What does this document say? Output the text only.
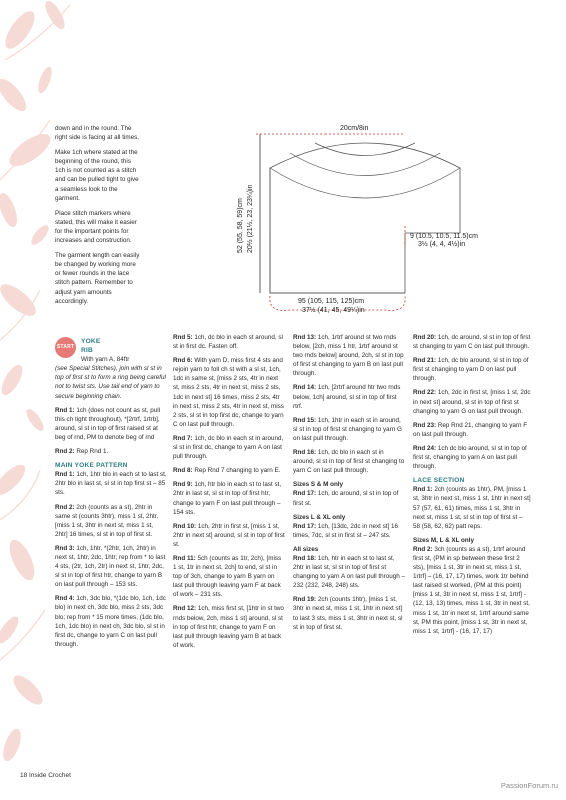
20cm/8in
52 (55, 58, 59)cm 20½ (21½, 23, 23¼)in	9 (10.5, 10.5, 11.5)cm
3½ (4, 4, 4½)in
95 (105, 115, 125)cm
37½ (41, 45, 49¼)in

down and in the round. The right side is facing at all times.

Make 1ch where stated at the beginning of the round, this 1ch is not counted as a stitch and can be pulled tight to give a seamless look to the garment.

Place stitch markers where stated, this will make it easier for the important points for increases and construction.

The garment length can easily be changed by working more or fewer rounds in the lace stitch pattern. Remember to adjust yarn amounts accordingly.

START
YOKE
RIB
With yarn A, 84ftr
(see Special Stitches), join with sl st in top of first st to form a ring being careful not to twist sts. Use tail end of yarn to secure beginning chain.
Rnd 1: 1ch (does not count as st, pull this ch tight throughout), *[2rtrf, 1rtrb], around, sl st in top of first raised st at beg of rnd, PM to denote beg of rnd
Rnd 2: Rep Rnd 1.
MAIN YOKE PATTERN
Rnd 1: 1ch, 1htr blo in each st to last st, 2htr blo in last st, sl st in top first st – 85 sts.
Rnd 2: 2ch (counts as a st), 2htr in same st (counts 3htr), miss 1 st, 2htr, [miss 1 st, 3htr in next st, miss 1 st, 2htr] 16 times, sl st in top of first st.
Rnd 3: 1ch, 1htr, *(2htr, 1ch, 2htr) in next st, 1htr, 2dc, 1htr; rep from * to last 4 sts, (2tr, 1ch, 2tr) in next st, 1htr, 2dc, sl st in top of first htr, change to yarn B on last pull through – 153 sts.
Rnd 4: 1ch, 3dc blo, *(1dc blo, 1ch, 1dc blo) in next ch, 3dc blo, miss 2 sts, 3dc blo; rep from * 15 more times, (1dc blo, 1ch, 1dc blo) in next ch, 3dc blo, sl st in first dc, change to yarn C on last pull through.
Rnd 5: 1ch, dc blo in each st around, sl st in first dc. Fasten off.
Rnd 6: With yarn D, miss first 4 sts and rejoin yarn to foll ch st with a sl st, 1ch, 1dc in same st, [miss 2 sts, 4tr in next st, miss 2 sts, 4tr in next st, miss 2 sts, 1dc in next st] 16 times, miss 2 sts, 4tr in next st, miss 2 sts, 4tr in next st, miss 2 sts, sl st in top first dc, change to yarn C on last pull through.
Rnd 7: 1ch, dc blo in each st in around, sl st in first dc, change to yarn A on last pull through.
Rnd 8: Rep Rnd 7 changing to yarn E.
Rnd 9: 1ch, htr blo in each st to last st, 2htr in last st, sl st in top of first htr, change to yarn F on last pull through – 154 sts.
Rnd 10: 1ch, 2htr in first st, [miss 1 st, 2htr in next st] around, sl st in top of first st.
Rnd 11: 5ch (counts as 1tr, 2ch), [miss 1 st, 1tr in next st, 2ch] to end, sl st in top of 3ch, change to yarn B yarn on last pull through leaving yarn F at back of work – 231 sts.
Rnd 12: 1ch, miss first st, [1htr in st two rnds below, 2ch, miss 1 st] around, sl st in top of first htr, change to yarn F on last pull through leaving yarn B at back of work.
Rnd 13: 1ch, 1rtrf around st two rnds below, [2ch, miss 1 htr, 1rtrf around st two rnds below] around, 2ch, sl st in top of first st changing to yarn B on last pull through.
Rnd 14: 1ch, [2rtrf around htr two rnds below, 1ch] around, sl st in top of first rtrf.
Rnd 15: 1ch, 1htr in each st in around, sl st in top of first st changing to yarn G on last pull through.
Rnd 16: 1ch, dc blo in each st in around, sl st in top of first st changing to yarn C on last pull through.
Sizes S & M only
Rnd 17: 1ch, dc around, sl st in top of first st.
Sizes L & XL only
Rnd 17: 1ch, [13dc, 2dc in next st] 16 times, 7dc, sl st in first st – 247 sts.
All sizes
Rnd 18: 1ch, htr in each st to last st, 2htr in last st, sl st in top of first st changing to yarn A on last pull through – 232 (232, 248, 248) sts.
Rnd 19: 2ch (counts 1htr), [miss 1 st, 3htr in next st, miss 1 st, 1htr in next st] to last 3 sts, miss 1 st, 3htr in next st, sl st in top of first st.
Rnd 20: 1ch, dc around, sl st in top of first st changing to yarn C on last pull through.
Rnd 21: 1ch, dc blo around, sl st in top of first st changing to yarn D on last pull through.
Rnd 22: 1ch, 2dc in first st, [miss 1 st, 2dc in next st] around, sl st in top of first st changing to yarn G on last pull through.
Rnd 23: Rep Rnd 21, changing to yarn F on last pull through.
Rnd 24: 1ch dc blo around, sl st in top of first st, changing to yarn A on last pull through.
LACE SECTION
Rnd 1: 2ch (counts as 1htr), PM, [miss 1 st, 3htr in next st, miss 1 st, 1htr in next st] 57 (57, 61, 61) times, miss 1 st, 3htr in next st, miss 1 st, sl st in top of first st – 58 (58, 62, 62) patt reps.
Sizes M, L & XL only
Rnd 2: 3ch (counts as a st), 1rtrf around first st, (PM in sp between these first 2 sts), [miss 1 st, 3tr in next st, miss 1 st, 1rtrf] – (16, 17, 17) times, work 1tr behind last raised st worked, (PM at this point) [miss 1 st, 3tr in next st, miss 1 st, 1rtrf] - (12, 13, 13) times, miss 1 st, 3tr in next st, miss 1 st, 1tr in next st, 1rtrf around same st, PM this point, [miss 1 st, 3tr in next st, miss 1 st, 1rtrf] - (16, 17, 17)
18 Inside Crochet
PassionForum.ru
